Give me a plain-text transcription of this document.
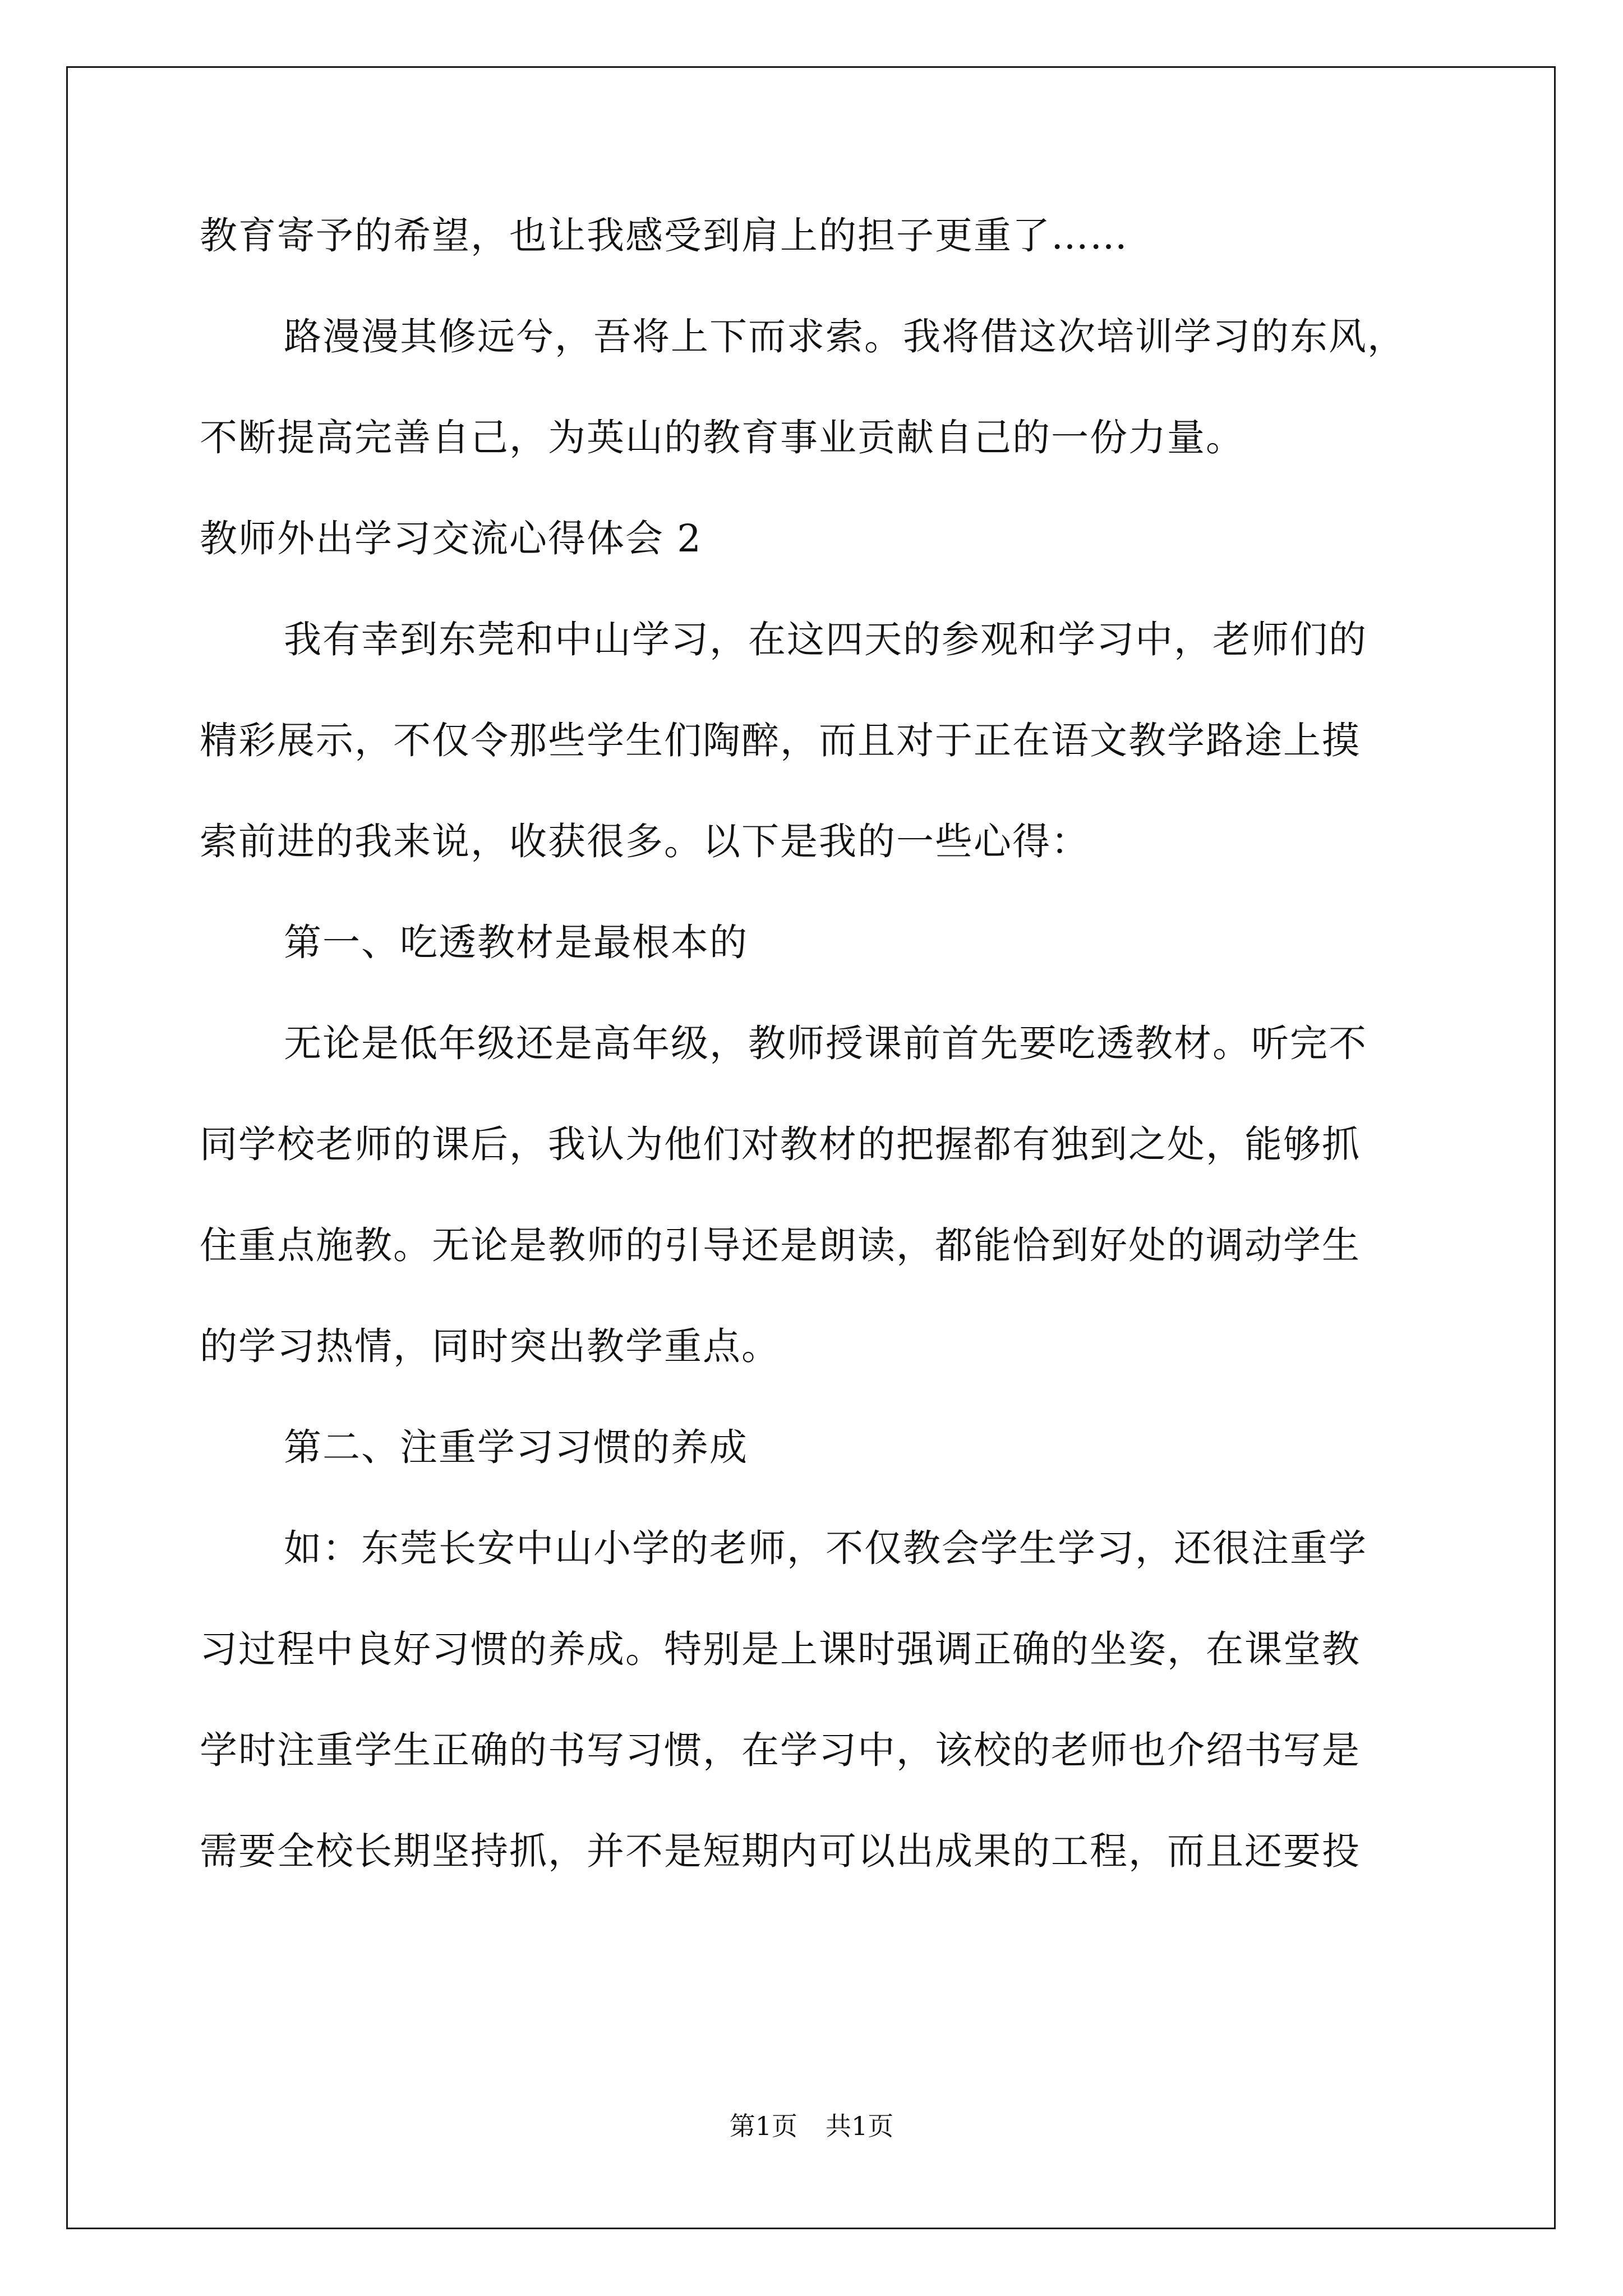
教育寄予的希望，也让我感受到肩上的担子更重了……
路漫漫其修远兮，吾将上下而求索。我将借这次培训学习的东风，
不断提高完善自己，为英山的教育事业贡献自己的一份力量。
教师外出学习交流心得体会 2
我有幸到东莞和中山学习，在这四天的参观和学习中，老师们的
精彩展示，不仅令那些学生们陶醉，而且对于正在语文教学路途上摸
索前进的我来说，收获很多。以下是我的一些心得：
第一、吃透教材是最根本的
无论是低年级还是高年级，教师授课前首先要吃透教材。听完不
同学校老师的课后，我认为他们对教材的把握都有独到之处，能够抓
住重点施教。无论是教师的引导还是朗读，都能恰到好处的调动学生
的学习热情，同时突出教学重点。
第二、注重学习习惯的养成
如：东莞长安中山小学的老师，不仅教会学生学习，还很注重学
习过程中良好习惯的养成。特别是上课时强调正确的坐姿，在课堂教
学时注重学生正确的书写习惯，在学习中，该校的老师也介绍书写是
需要全校长期坚持抓，并不是短期内可以出成果的工程，而且还要投
第1页 共1页
